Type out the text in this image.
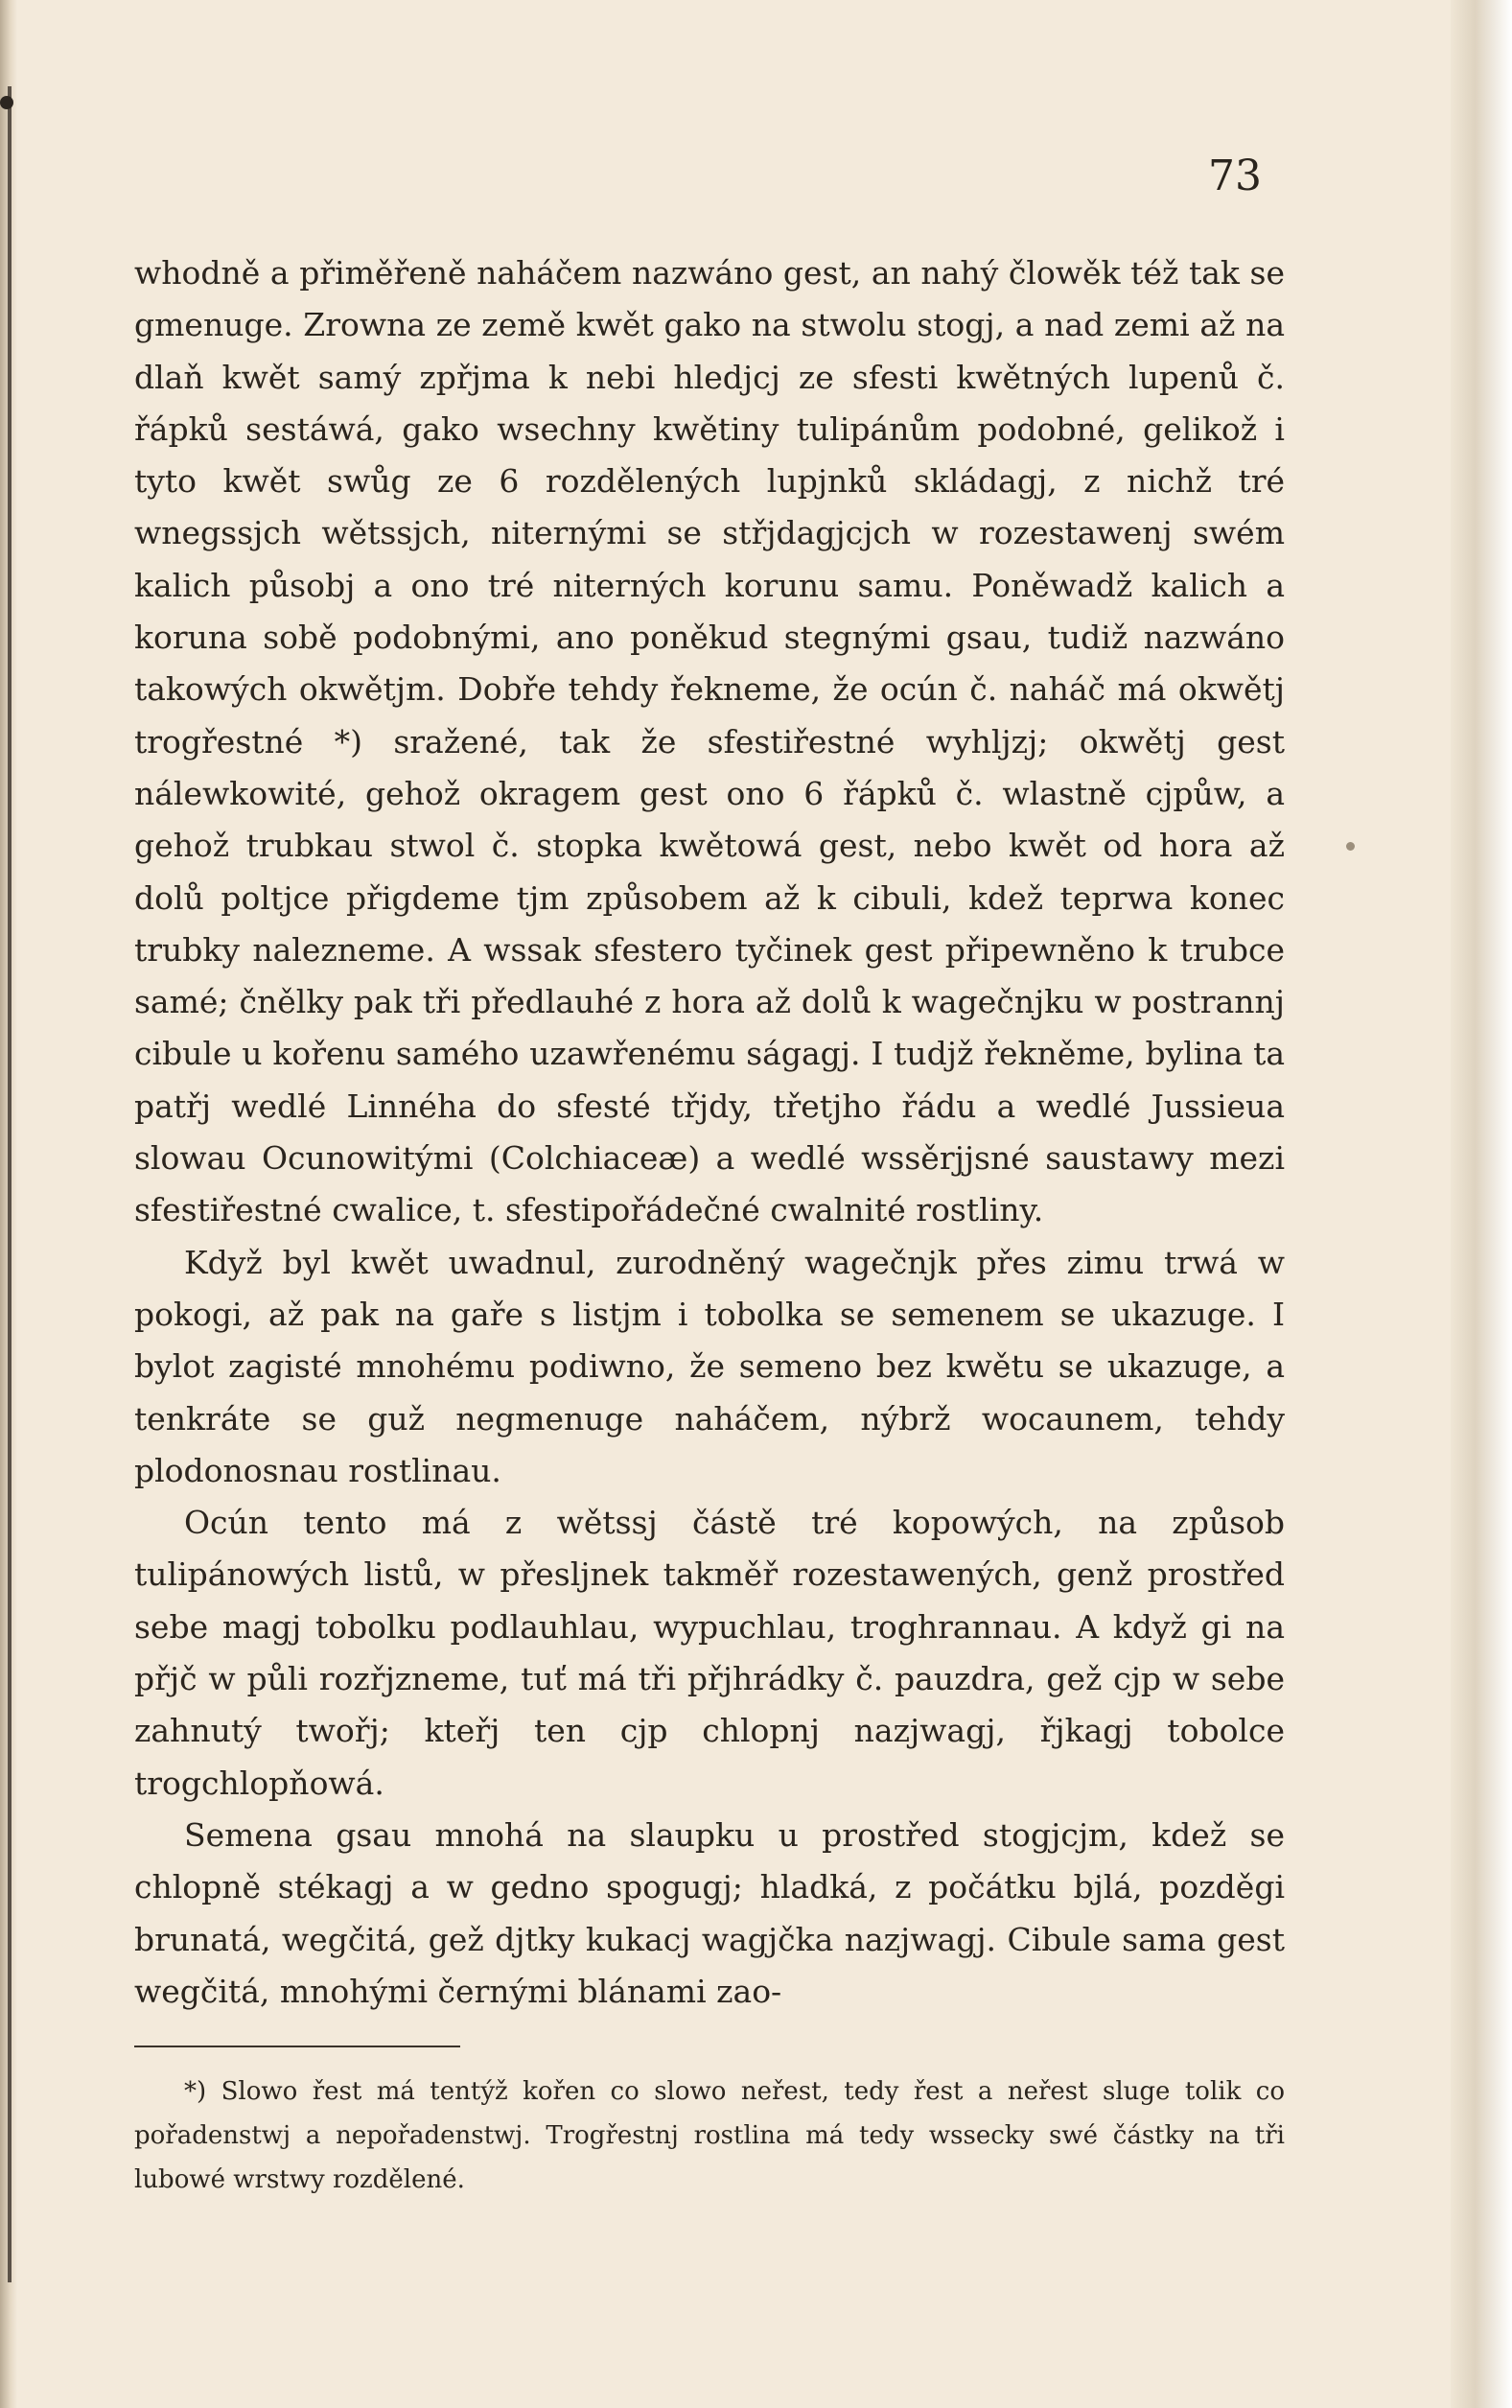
73

whodně a přiměřeně naháčem nazwáno gest, an nahý člowěk též tak se gmenuge. Zrowna ze země kwět gako na stwolu stogj, a nad zemi až na dlaň kwět samý zpřjma k nebi hledjcj ze sfesti kwětných lupenů č. řápků sestáwá, gako wsechny kwětiny tulipánům podobné, gelikož i tyto kwět swůg ze 6 rozdělených lupjnků skládagj, z nichž tré wnegssjch wětssjch, niternými se střjdagjcjch w rozestawenj swém kalich působj a ono tré niterných korunu samu. Poněwadž kalich a koruna sobě podobnými, ano poněkud stegnými gsau, tudiž nazwáno takowých okwětjm. Dobře tehdy řekneme, že ocún č. naháč má okwětj trogřestné *) sražené, tak že sfestiřestné wyhljzj; okwětj gest nálewkowité, gehož okragem gest ono 6 řápků č. wlastně cjpůw, a gehož trubkau stwol č. stopka kwětowá gest, nebo kwět od hora až dolů poltjce přigdeme tjm způsobem až k cibuli, kdež teprwa konec trubky nalezneme. A wssak sfestero tyčinek gest připewněno k trubce samé; čnělky pak tři předlauhé z hora až dolů k wagečnjku w postrannj cibule u kořenu samého uzawřenému ságagj. I tudjž řekněme, bylina ta patřj wedlé Linnéha do sfesté třjdy, třetjho řádu a wedlé Jussieua slowau Ocunowitými (Colchiaceæ) a wedlé wssěrjjsné saustawy mezi sfestiřestné cwalice, t. sfestipořádečné cwalnité rostliny.

Když byl kwět uwadnul, zurodněný wagečnjk přes zimu trwá w pokogi, až pak na gaře s listjm i tobolka se semenem se ukazuge. I bylot zagisté mnohému podiwno, že semeno bez kwětu se ukazuge, a tenkráte se guž negmenuge naháčem, nýbrž wocaunem, tehdy plodonosnau rostlinau.

Ocún tento má z wětssj částě tré kopowých, na způsob tulipánowých listů, w přesljnek takměř rozestawených, genž prostřed sebe magj tobolku podlauhlau, wypuchlau, troghrannau. A když gi na přjč w půli rozřjzneme, tuť má tři přjhrádky č. pauzdra, gež cjp w sebe zahnutý twořj; kteřj ten cjp chlopnj nazjwagj, řjkagj tobolce trogchlopňowá.

Semena gsau mnohá na slaupku u prostřed stogjcjm, kdež se chlopně stékagj a w gedno spogugj; hladká, z počátku bjlá, pozděgi brunatá, wegčitá, gež djtky kukacj wagjčka nazjwagj. Cibule sama gest wegčitá, mnohými černými blánami zao-

*) Slowo řest má tentýž kořen co slowo neřest, tedy řest a neřest sluge tolik co pořadenstwj a nepořadenstwj. Trogřestnj rostlina má tedy wssecky swé částky na tři lubowé wrstwy rozdělené.
